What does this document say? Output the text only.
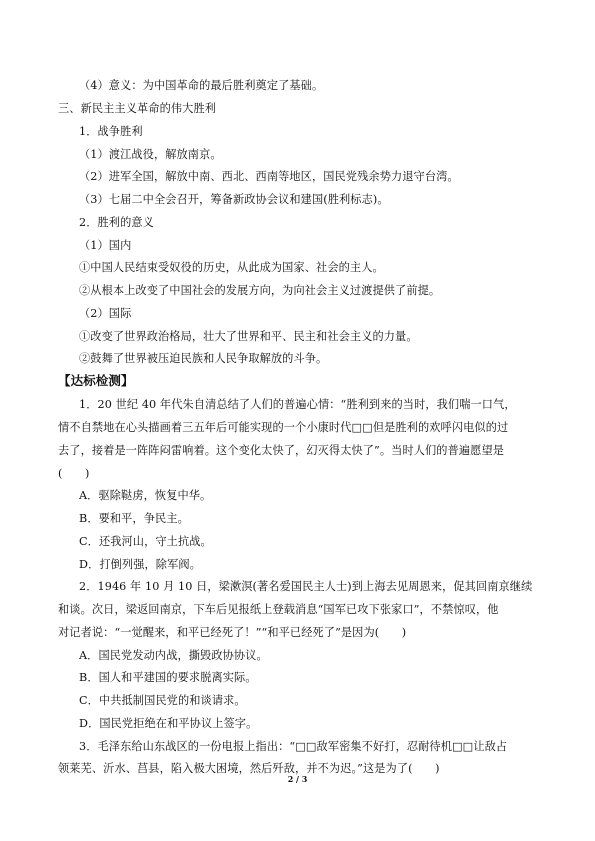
（4）意义：为中国革命的最后胜利奠定了基础。
三、新民主主义革命的伟大胜利
1．战争胜利
（1）渡江战役，解放南京。
（2）进军全国，解放中南、西北、西南等地区，国民党残余势力退守台湾。
（3）七届二中全会召开，筹备新政协会议和建国(胜利标志)。
2．胜利的意义
（1）国内
①中国人民结束受奴役的历史，从此成为国家、社会的主人。
②从根本上改变了中国社会的发展方向，为向社会主义过渡提供了前提。
（2）国际
①改变了世界政治格局，壮大了世界和平、民主和社会主义的力量。
②鼓舞了世界被压迫民族和人民争取解放的斗争。
【达标检测】
1．20 世纪 40 年代朱自清总结了人们的普遍心情：“胜利到来的当时，我们喘一口气，
情不自禁地在心头描画着三五年后可能实现的一个小康时代□□但是胜利的欢呼闪电似的过
去了，接着是一阵阵闷雷响着。这个变化太快了，幻灭得太快了”。当时人们的普遍愿望是
(　　)
A．驱除鞑虏，恢复中华。
B．要和平，争民主。
C．还我河山，守土抗战。
D．打倒列强，除军阀。
2．1946 年 10 月 10 日，梁漱溟(著名爱国民主人士)到上海去见周恩来，促其回南京继续
和谈。次日，梁返回南京，下车后见报纸上登载消息“国军已攻下张家口”，不禁惊叹，他
对记者说：“一觉醒来，和平已经死了！”“和平已经死了”是因为(　　)
A．国民党发动内战，撕毁政协协议。
B．国人和平建国的要求脱离实际。
C．中共抵制国民党的和谈请求。
D．国民党拒绝在和平协议上签字。
3．毛泽东给山东战区的一份电报上指出：“□□敌军密集不好打，忍耐待机□□让敌占
领莱芜、沂水、莒县，陷入极大困境，然后歼敌，并不为迟。”这是为了(　　)
2 / 3
